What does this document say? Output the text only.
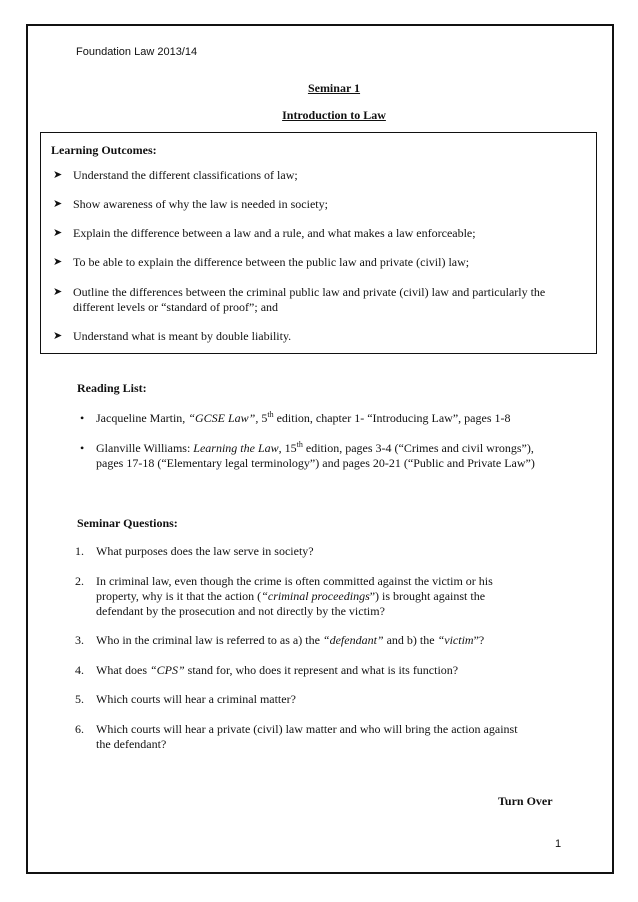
Foundation Law 2013/14
Seminar 1
Introduction to Law
Learning Outcomes:
➤ Understand the different classifications of law;
➤ Show awareness of why the law is needed in society;
➤ Explain the difference between a law and a rule, and what makes a law enforceable;
➤ To be able to explain the difference between the public law and private (civil) law;
➤ Outline the differences between the criminal public law and private (civil) law and particularly the different levels or “standard of proof”; and
➤ Understand what is meant by double liability.
Reading List:
• Jacqueline Martin, “GCSE Law”, 5th edition, chapter 1- “Introducing Law”, pages 1-8
• Glanville Williams: Learning the Law, 15th edition, pages 3-4 (“Crimes and civil wrongs”), pages 17-18 (“Elementary legal terminology”) and pages 20-21 (“Public and Private Law”)
Seminar Questions:
1. What purposes does the law serve in society?
2. In criminal law, even though the crime is often committed against the victim or his property, why is it that the action (“criminal proceedings”) is brought against the defendant by the prosecution and not directly by the victim?
3. Who in the criminal law is referred to as a) the “defendant” and b) the “victim”?
4. What does “CPS” stand for, who does it represent and what is its function?
5. Which courts will hear a criminal matter?
6. Which courts will hear a private (civil) law matter and who will bring the action against the defendant?
Turn Over
1
